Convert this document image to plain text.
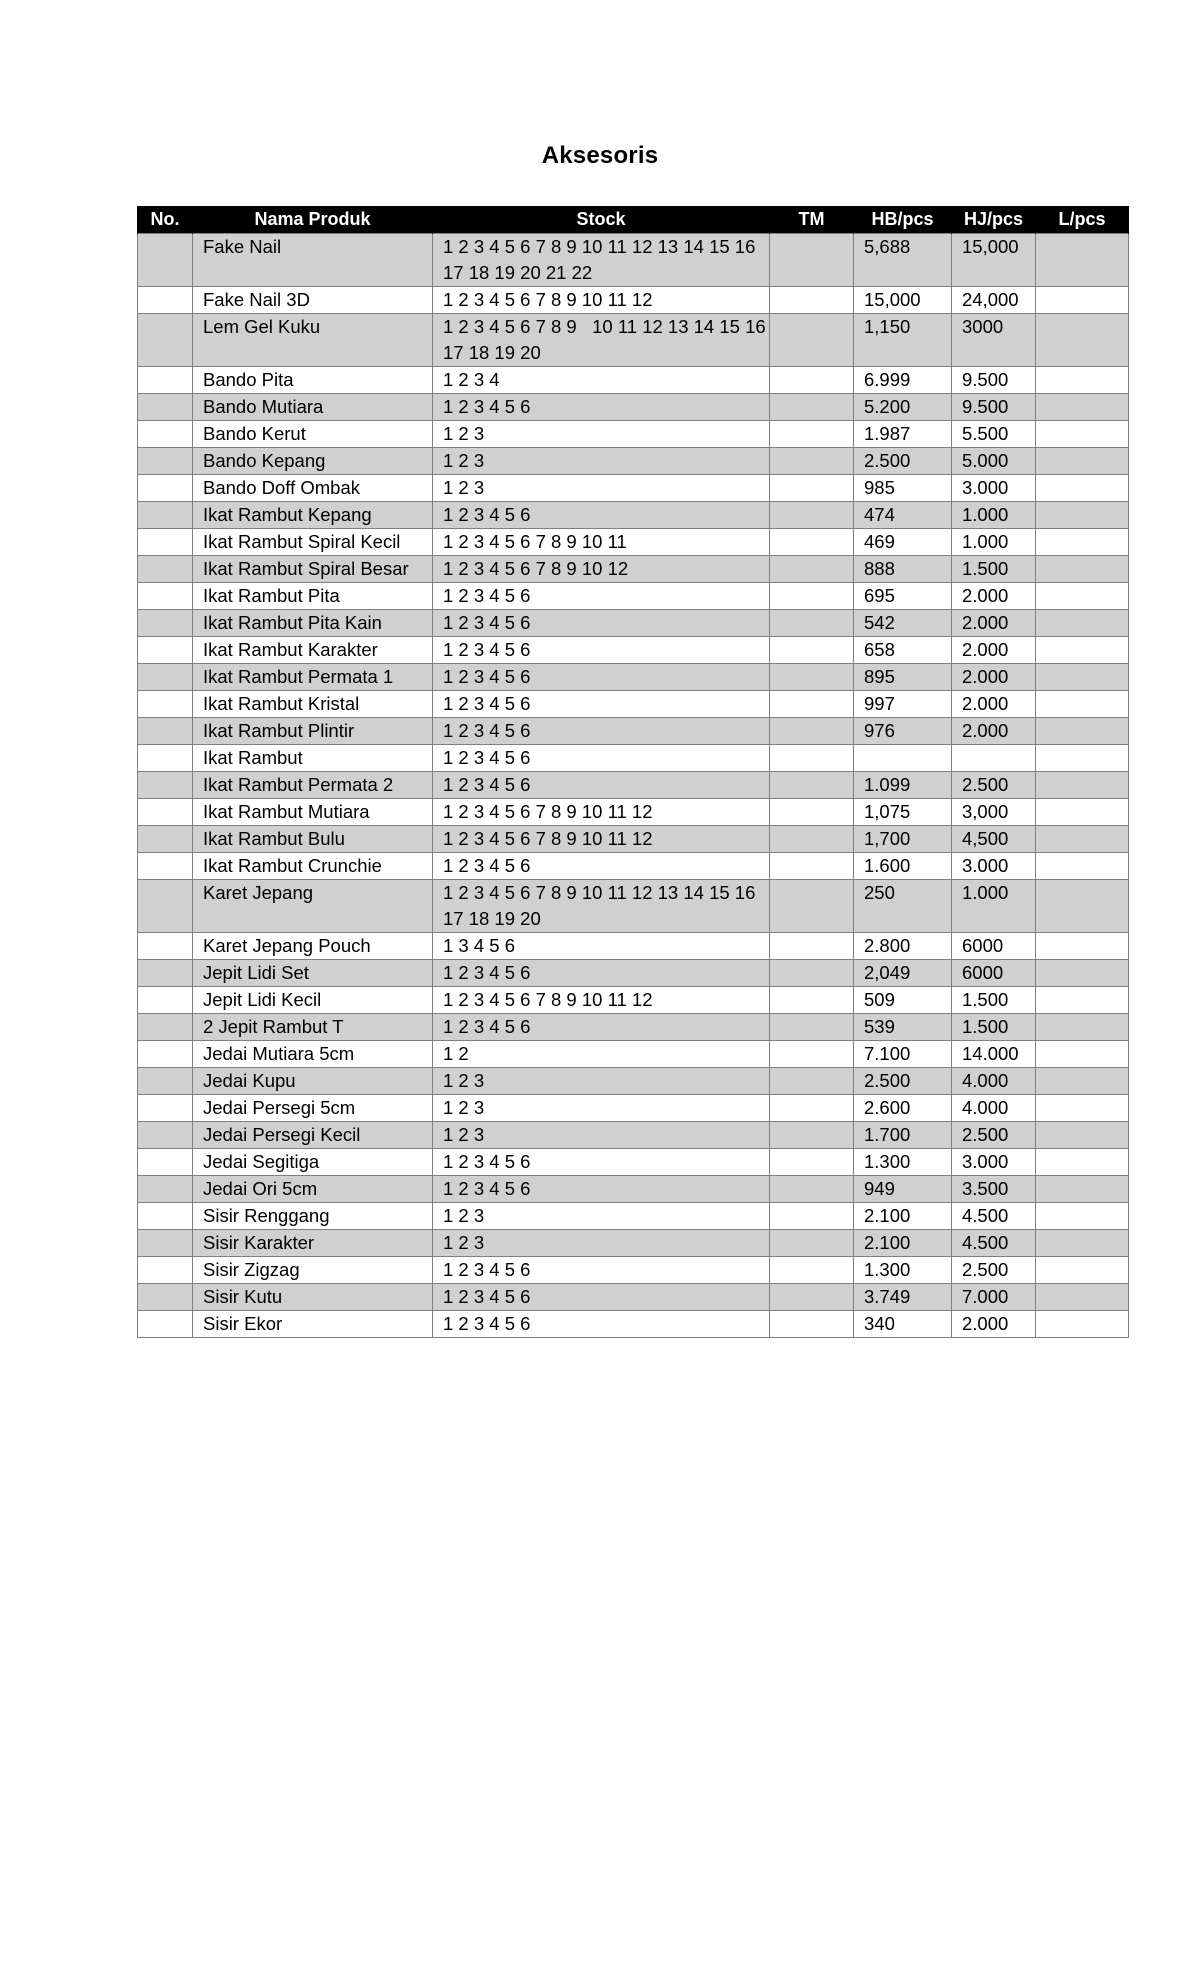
Aksesoris
No.	Nama Produk	Stock	TM	HB/pcs	HJ/pcs	L/pcs
	Fake Nail	1 2 3 4 5 6 7 8 9 10 11 12 13 14 15 16 17 18 19 20 21 22		5,688	15,000	
	Fake Nail 3D	1 2 3 4 5 6 7 8 9 10 11 12		15,000	24,000	
	Lem Gel Kuku	1 2 3 4 5 6 7 8 9   10 11 12 13 14 15 16 17 18 19 20		1,150	3000	
	Bando Pita	1 2 3 4		6.999	9.500	
	Bando Mutiara	1 2 3 4 5 6		5.200	9.500	
	Bando Kerut	1 2 3		1.987	5.500	
	Bando Kepang	1 2 3		2.500	5.000	
	Bando Doff Ombak	1 2 3		985	3.000	
	Ikat Rambut Kepang	1 2 3 4 5 6		474	1.000	
	Ikat Rambut Spiral Kecil	1 2 3 4 5 6 7 8 9 10 11		469	1.000	
	Ikat Rambut Spiral Besar	1 2 3 4 5 6 7 8 9 10 12		888	1.500	
	Ikat Rambut Pita	1 2 3 4 5 6		695	2.000	
	Ikat Rambut Pita Kain	1 2 3 4 5 6		542	2.000	
	Ikat Rambut Karakter	1 2 3 4 5 6		658	2.000	
	Ikat Rambut Permata 1	1 2 3 4 5 6		895	2.000	
	Ikat Rambut Kristal	1 2 3 4 5 6		997	2.000	
	Ikat Rambut Plintir	1 2 3 4 5 6		976	2.000	
	Ikat Rambut	1 2 3 4 5 6				
	Ikat Rambut Permata 2	1 2 3 4 5 6		1.099	2.500	
	Ikat Rambut Mutiara	1 2 3 4 5 6 7 8 9 10 11 12		1,075	3,000	
	Ikat Rambut Bulu	1 2 3 4 5 6 7 8 9 10 11 12		1,700	4,500	
	Ikat Rambut Crunchie	1 2 3 4 5 6		1.600	3.000	
	Karet Jepang	1 2 3 4 5 6 7 8 9 10 11 12 13 14 15 16 17 18 19 20		250	1.000	
	Karet Jepang Pouch	1 3 4 5 6		2.800	6000	
	Jepit Lidi Set	1 2 3 4 5 6		2,049	6000	
	Jepit Lidi Kecil	1 2 3 4 5 6 7 8 9 10 11 12		509	1.500	
	2 Jepit Rambut T	1 2 3 4 5 6		539	1.500	
	Jedai Mutiara 5cm	1 2		7.100	14.000	
	Jedai Kupu	1 2 3		2.500	4.000	
	Jedai Persegi 5cm	1 2 3		2.600	4.000	
	Jedai Persegi Kecil	1 2 3		1.700	2.500	
	Jedai Segitiga	1 2 3 4 5 6		1.300	3.000	
	Jedai Ori 5cm	1 2 3 4 5 6		949	3.500	
	Sisir Renggang	1 2 3		2.100	4.500	
	Sisir Karakter	1 2 3		2.100	4.500	
	Sisir Zigzag	1 2 3 4 5 6		1.300	2.500	
	Sisir Kutu	1 2 3 4 5 6		3.749	7.000	
	Sisir Ekor	1 2 3 4 5 6		340	2.000	
